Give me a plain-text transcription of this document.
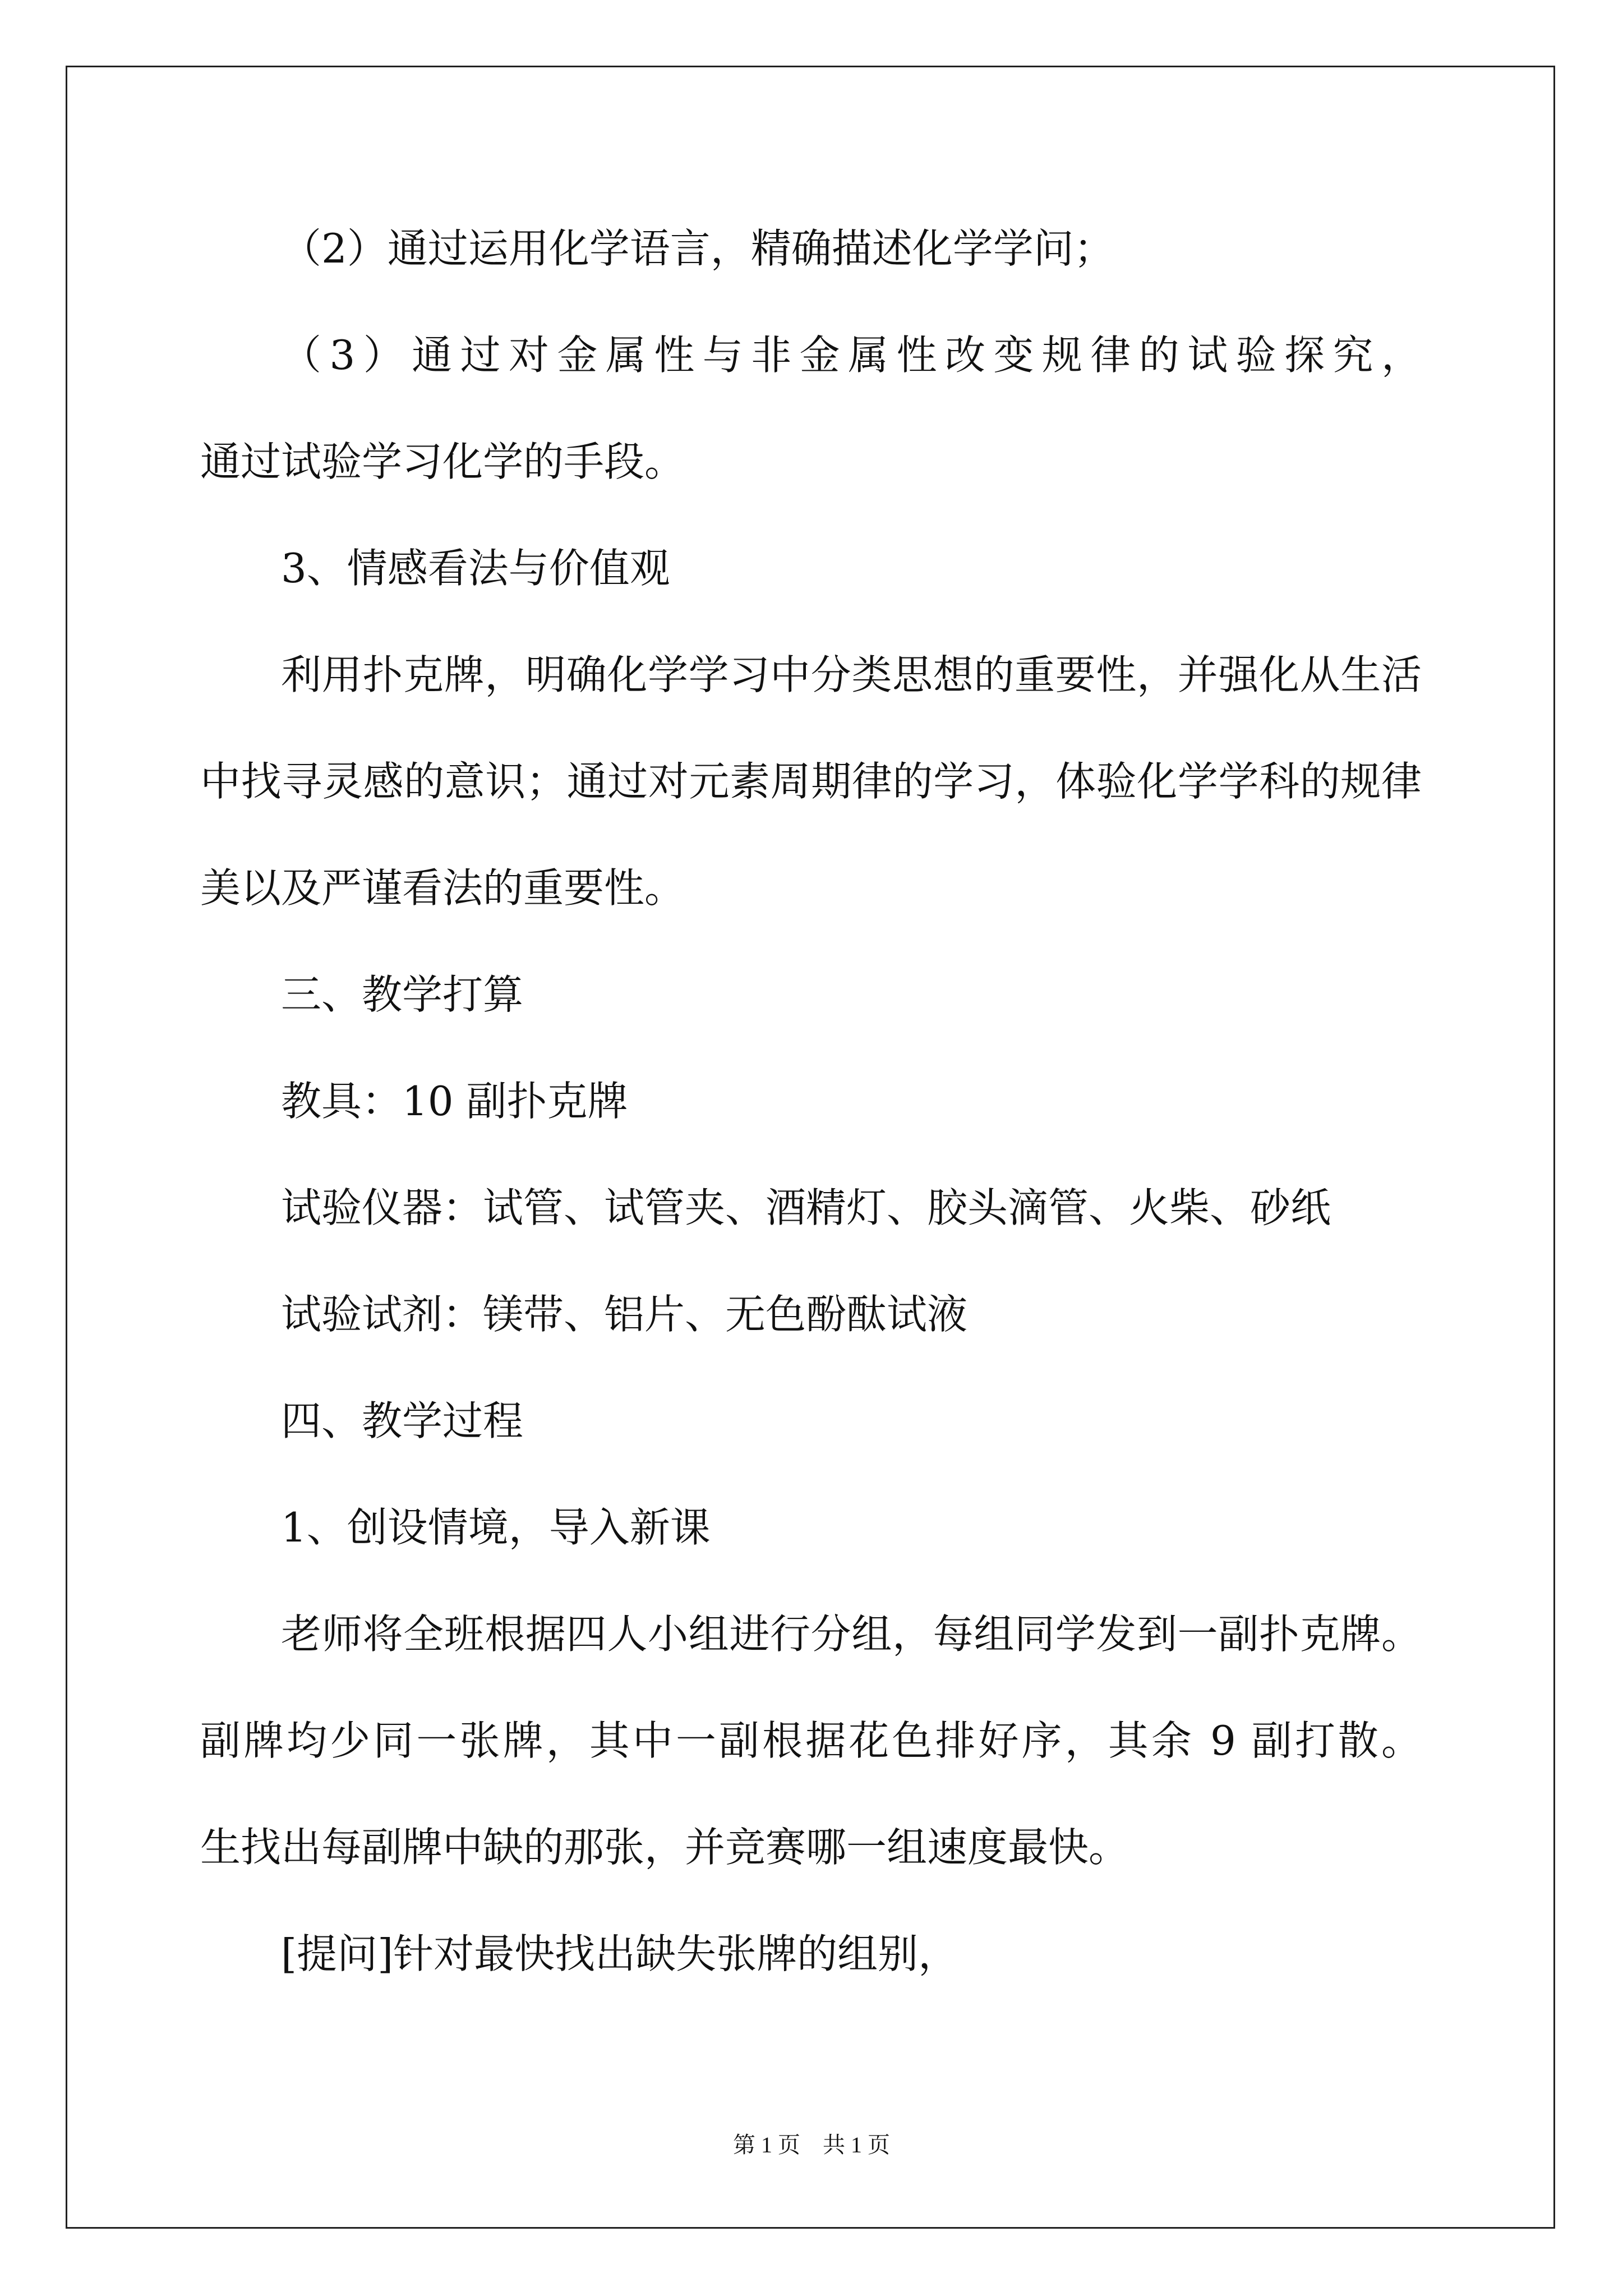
（2）通过运用化学语言，精确描述化学学问；
（3）通过对金属性与非金属性改变规律的试验探究，
通过试验学习化学的手段。
3、情感看法与价值观
利用扑克牌，明确化学学习中分类思想的重要性，并强化从生活
中找寻灵感的意识；通过对元素周期律的学习，体验化学学科的规律
美以及严谨看法的重要性。
三、教学打算
教具：10 副扑克牌
试验仪器：试管、试管夹、酒精灯、胶头滴管、火柴、砂纸
试验试剂：镁带、铝片、无色酚酞试液
四、教学过程
1、创设情境，导入新课
老师将全班根据四人小组进行分组，每组同学发到一副扑克牌。
副牌均少同一张牌，其中一副根据花色排好序，其余 9 副打散。
生找出每副牌中缺的那张，并竞赛哪一组速度最快。
[提问]针对最快找出缺失张牌的组别，
第 1 页　共 1 页
